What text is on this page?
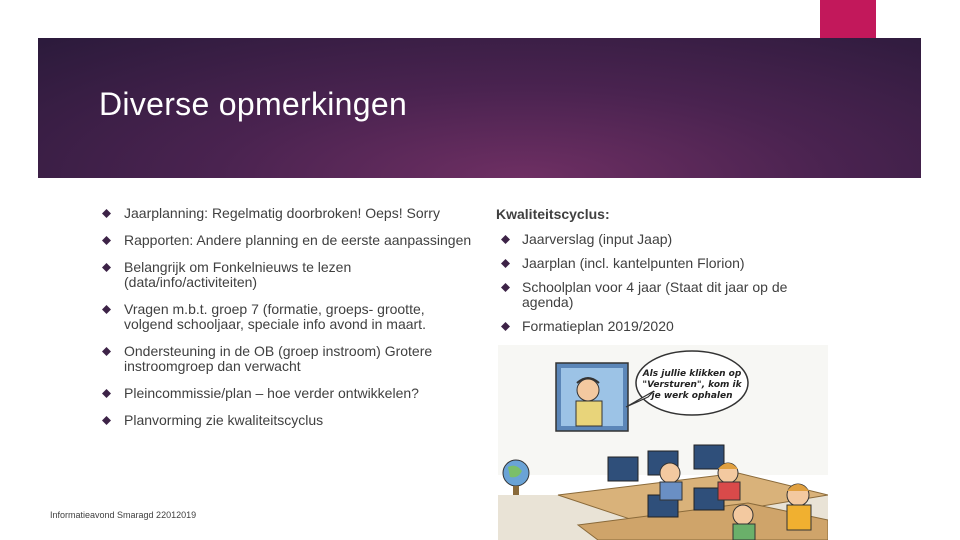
Diverse opmerkingen
Jaarplanning: Regelmatig doorbroken! Oeps! Sorry
Rapporten: Andere planning en de eerste aanpassingen
Belangrijk om Fonkelnieuws te lezen (data/info/activiteiten)
Vragen m.b.t. groep 7 (formatie, groeps- grootte, volgend schooljaar, speciale info avond in maart.
Ondersteuning in de OB (groep instroom) Grotere instroomgroep dan verwacht
Pleincommissie/plan – hoe verder ontwikkelen?
Planvorming zie kwaliteitscyclus
Kwaliteitscyclus:
Jaarverslag (input Jaap)
Jaarplan (incl. kantelpunten Florion)
Schoolplan voor 4 jaar (Staat dit jaar op de agenda)
Formatieplan 2019/2020
Als jullie klikken op
"Versturen", kom ik
je werk ophalen
Informatieavond Smaragd 22012019
